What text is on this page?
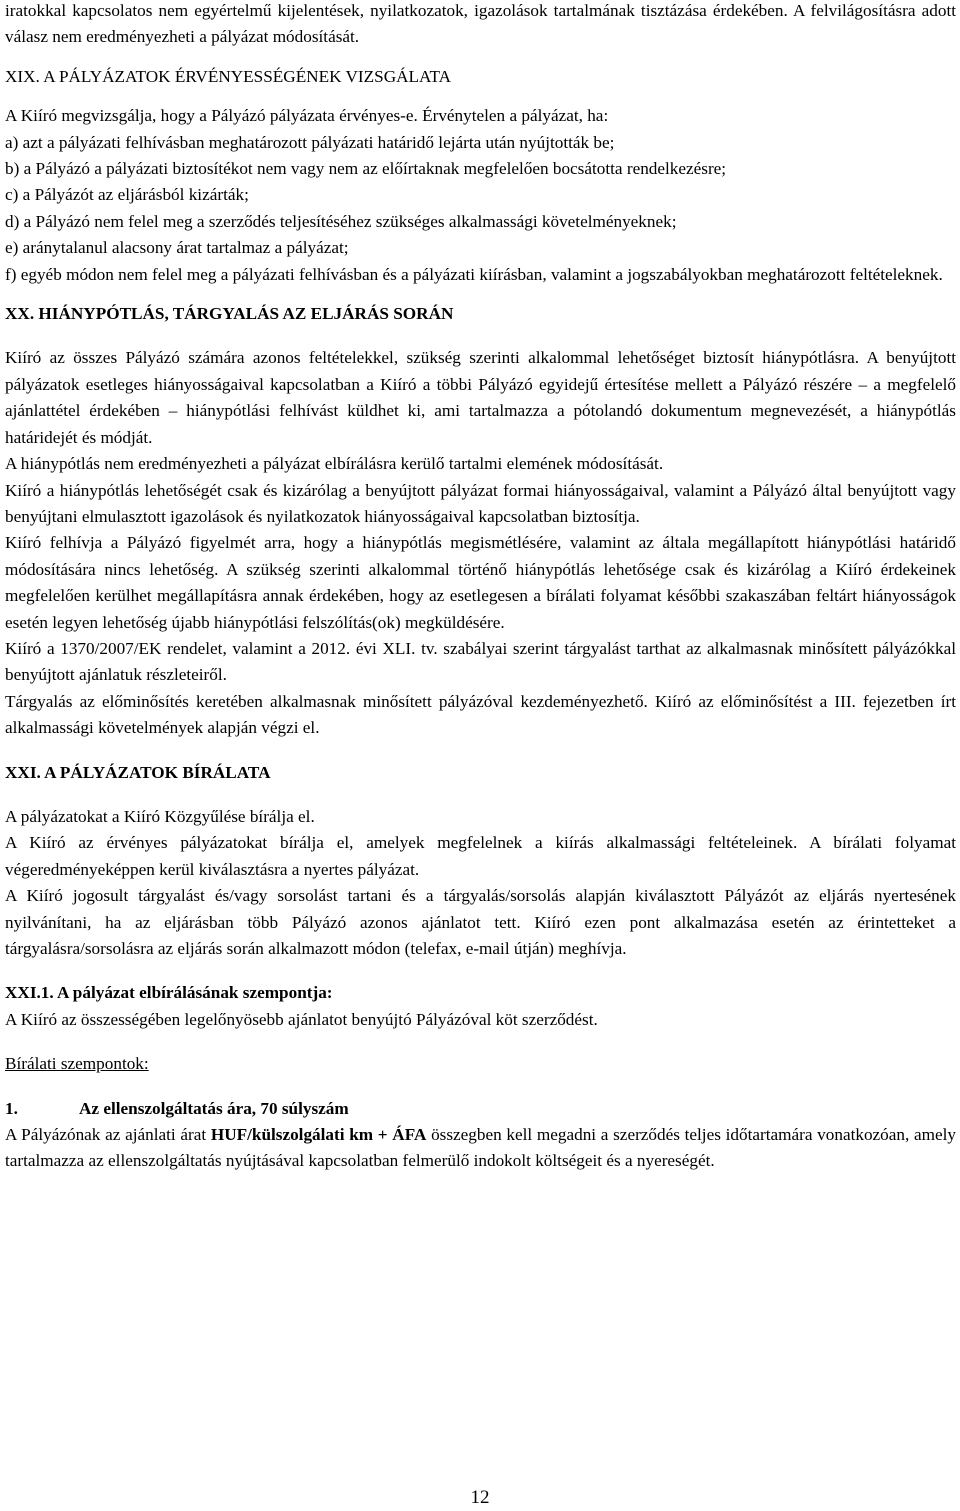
iratokkal kapcsolatos nem egyértelmű kijelentések, nyilatkozatok, igazolások tartalmának tisztázása érdekében. A felvilágosításra adott válasz nem eredményezheti a pályázat módosítását.

XIX. A PÁLYÁZATOK ÉRVÉNYESSÉGÉNEK VIZSGÁLATA

A Kiíró megvizsgálja, hogy a Pályázó pályázata érvényes-e. Érvénytelen a pályázat, ha:

a) azt a pályázati felhívásban meghatározott pályázati határidő lejárta után nyújtották be;
b) a Pályázó a pályázati biztosítékot nem vagy nem az előírtaknak megfelelően bocsátotta rendelkezésre;
c) a Pályázót az eljárásból kizárták;
d) a Pályázó nem felel meg a szerződés teljesítéséhez szükséges alkalmassági követelményeknek;
e) aránytalanul alacsony árat tartalmaz a pályázat;
f) egyéb módon nem felel meg a pályázati felhívásban és a pályázati kiírásban, valamint a jogszabályokban meghatározott feltételeknek.

XX. HIÁNYPÓTLÁS, TÁRGYALÁS AZ ELJÁRÁS SORÁN

Kiíró az összes Pályázó számára azonos feltételekkel, szükség szerinti alkalommal lehetőséget biztosít hiánypótlásra. A benyújtott pályázatok esetleges hiányosságaival kapcsolatban a Kiíró a többi Pályázó egyidejű értesítése mellett a Pályázó részére – a megfelelő ajánlattétel érdekében – hiánypótlási felhívást küldhet ki, ami tartalmazza a pótolandó dokumentum megnevezését, a hiánypótlás határidejét és módját.

A hiánypótlás nem eredményezheti a pályázat elbírálásra kerülő tartalmi elemének módosítását.

Kiíró a hiánypótlás lehetőségét csak és kizárólag a benyújtott pályázat formai hiányosságaival, valamint a Pályázó által benyújtott vagy benyújtani elmulasztott igazolások és nyilatkozatok hiányosságaival kapcsolatban biztosítja.

Kiíró felhívja a Pályázó figyelmét arra, hogy a hiánypótlás megismétlésére, valamint az általa megállapított hiánypótlási határidő módosítására nincs lehetőség. A szükség szerinti alkalommal történő hiánypótlás lehetősége csak és kizárólag a Kiíró érdekeinek megfelelően kerülhet megállapításra annak érdekében, hogy az esetlegesen a bírálati folyamat későbbi szakaszában feltárt hiányosságok esetén legyen lehetőség újabb hiánypótlási felszólítás(ok) megküldésére.

Kiíró a 1370/2007/EK rendelet, valamint a 2012. évi XLI. tv. szabályai szerint tárgyalást tarthat az alkalmasnak minősített pályázókkal benyújtott ajánlatuk részleteiről.

Tárgyalás az előminősítés keretében alkalmasnak minősített pályázóval kezdeményezhető. Kiíró az előminősítést a III. fejezetben írt alkalmassági követelmények alapján végzi el.

XXI. A PÁLYÁZATOK BÍRÁLATA

A pályázatokat a Kiíró Közgyűlése bírálja el.

A Kiíró az érvényes pályázatokat bírálja el, amelyek megfelelnek a kiírás alkalmassági feltételeinek. A bírálati folyamat végeredményeképpen kerül kiválasztásra a nyertes pályázat.

A Kiíró jogosult tárgyalást és/vagy sorsolást tartani és a tárgyalás/sorsolás alapján kiválasztott Pályázót az eljárás nyertesének nyilvánítani, ha az eljárásban több Pályázó azonos ajánlatot tett. Kiíró ezen pont alkalmazása esetén az érintetteket a tárgyalásra/sorsolásra az eljárás során alkalmazott módon (telefax, e-mail útján) meghívja.

XXI.1. A pályázat elbírálásának szempontja:

A Kiíró az összességében legelőnyösebb ajánlatot benyújtó Pályázóval köt szerződést.

Bírálati szempontok:

1.	Az ellenszolgáltatás ára, 70 súlyszám

A Pályázónak az ajánlati árat HUF/külszolgálati km + ÁFA összegben kell megadni a szerződés teljes időtartamára vonatkozóan, amely tartalmazza az ellenszolgáltatás nyújtásával kapcsolatban felmerülő indokolt költségeit és a nyereségét.

12
